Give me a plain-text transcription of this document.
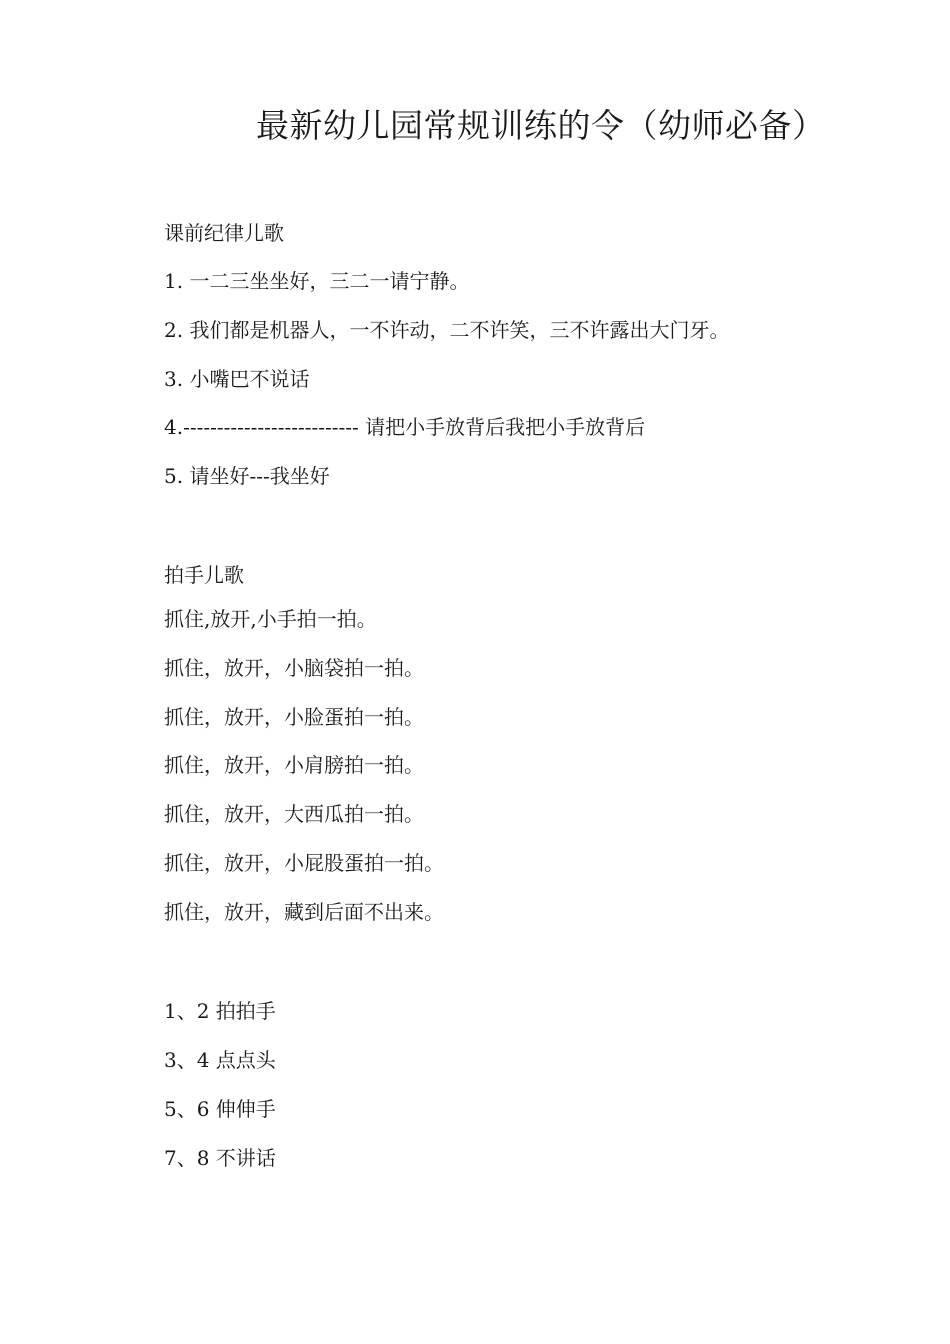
最新幼儿园常规训练的令（幼师必备）
课前纪律儿歌
1. 一二三坐坐好，三二一请宁静。
2. 我们都是机器人，一不许动，二不许笑，三不许露出大门牙。
3. 小嘴巴不说话
4.-------------------------- 请把小手放背后我把小手放背后
5. 请坐好---我坐好
拍手儿歌
抓住,放开,小手拍一拍。
抓住，放开，小脑袋拍一拍。
抓住，放开，小脸蛋拍一拍。
抓住，放开，小肩膀拍一拍。
抓住，放开，大西瓜拍一拍。
抓住，放开，小屁股蛋拍一拍。
抓住，放开，藏到后面不出来。
1、2 拍拍手
3、4 点点头
5、6 伸伸手
7、8 不讲话
